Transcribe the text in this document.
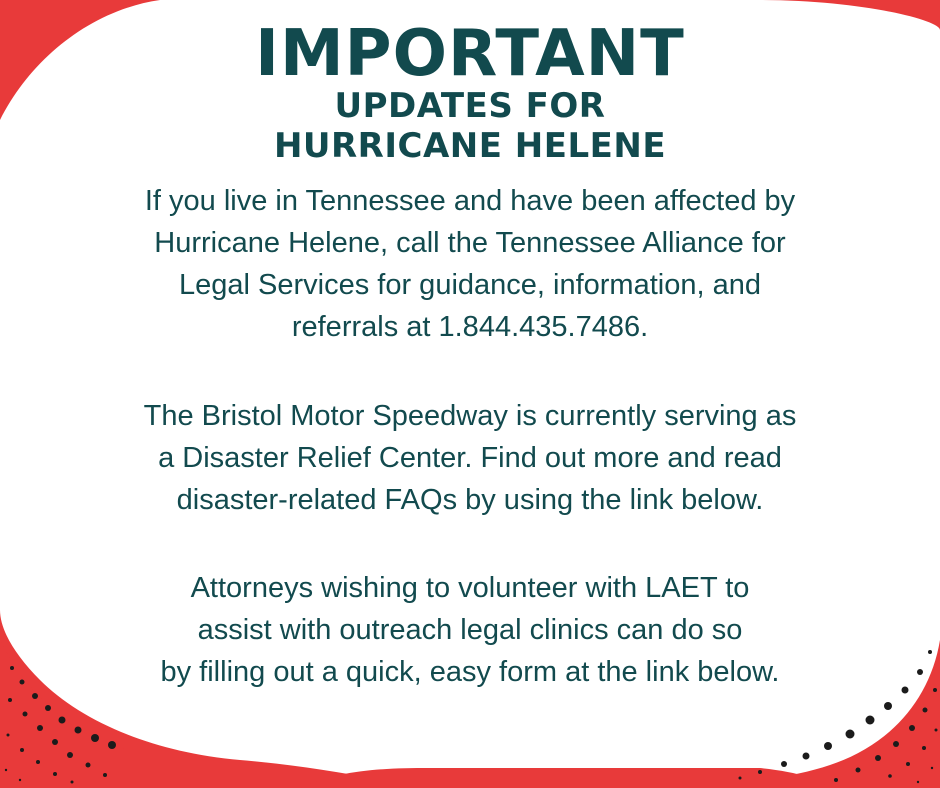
IMPORTANT
UPDATES FOR
HURRICANE HELENE
If you live in Tennessee and have been affected by
Hurricane Helene, call the Tennessee Alliance for
Legal Services for guidance, information, and
referrals at 1.844.435.7486.
The Bristol Motor Speedway is currently serving as
a Disaster Relief Center. Find out more and read
disaster-related FAQs by using the link below.
Attorneys wishing to volunteer with LAET to
assist with outreach legal clinics can do so
by filling out a quick, easy form at the link below.
